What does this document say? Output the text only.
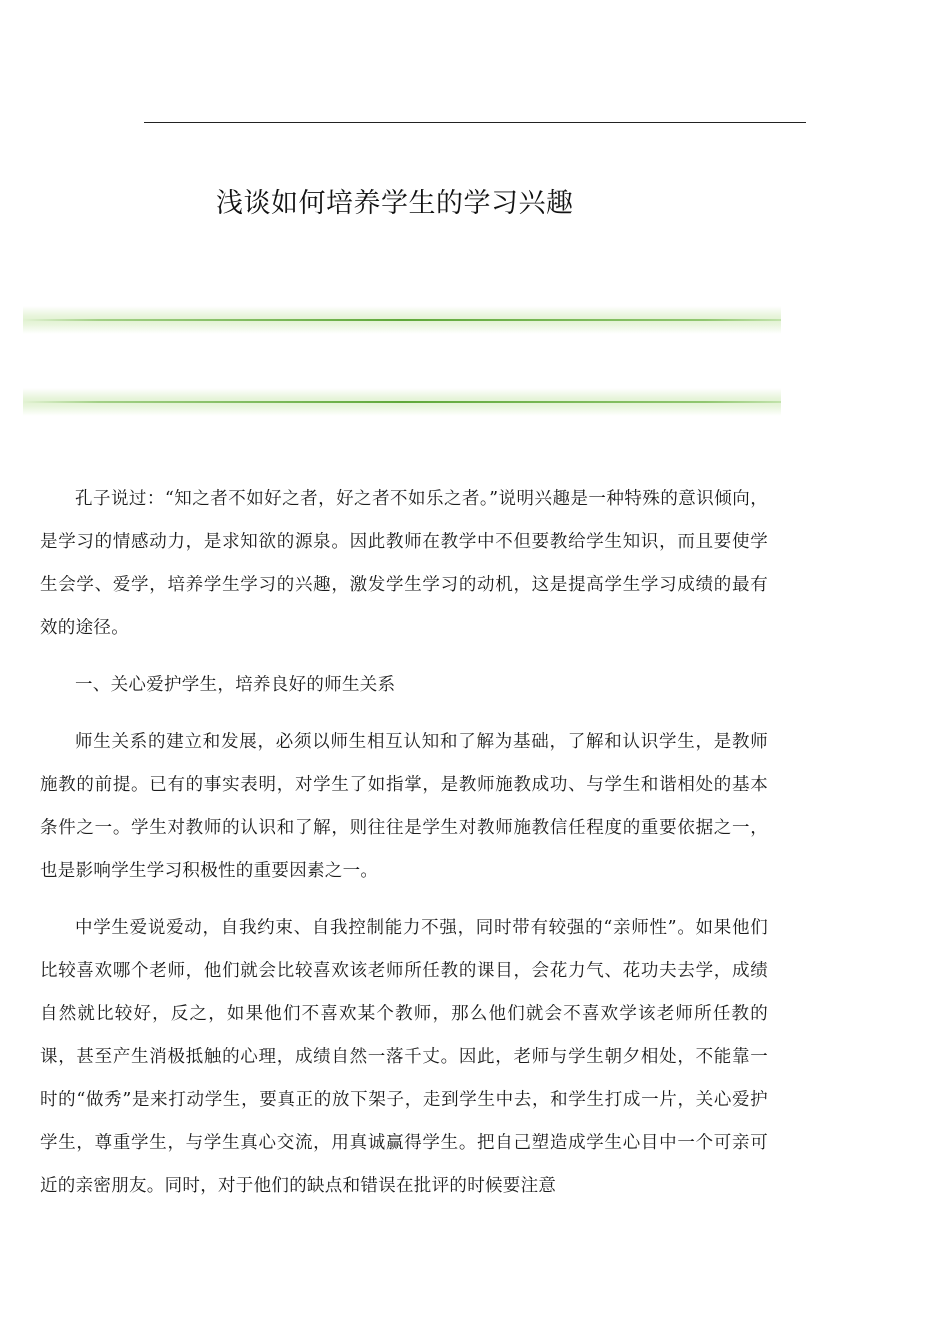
浅谈如何培养学生的学习兴趣

孔子说过：“知之者不如好之者，好之者不如乐之者。”说明兴趣是一种特殊的意识倾向，是学习的情感动力，是求知欲的源泉。因此教师在教学中不但要教给学生知识，而且要使学生会学、爱学，培养学生学习的兴趣，激发学生学习的动机，这是提高学生学习成绩的最有效的途径。

一、关心爱护学生，培养良好的师生关系

师生关系的建立和发展，必须以师生相互认知和了解为基础，了解和认识学生，是教师施教的前提。已有的事实表明，对学生了如指掌，是教师施教成功、与学生和谐相处的基本条件之一。学生对教师的认识和了解，则往往是学生对教师施教信任程度的重要依据之一，也是影响学生学习积极性的重要因素之一。

中学生爱说爱动，自我约束、自我控制能力不强，同时带有较强的“亲师性”。如果他们比较喜欢哪个老师，他们就会比较喜欢该老师所任教的课目，会花力气、花功夫去学，成绩自然就比较好，反之，如果他们不喜欢某个教师，那么他们就会不喜欢学该老师所任教的课，甚至产生消极抵触的心理，成绩自然一落千丈。因此，老师与学生朝夕相处，不能靠一时的“做秀”是来打动学生，要真正的放下架子，走到学生中去，和学生打成一片，关心爱护学生，尊重学生，与学生真心交流，用真诚赢得学生。把自己塑造成学生心目中一个可亲可近的亲密朋友。同时，对于他们的缺点和错误在批评的时候要注意
